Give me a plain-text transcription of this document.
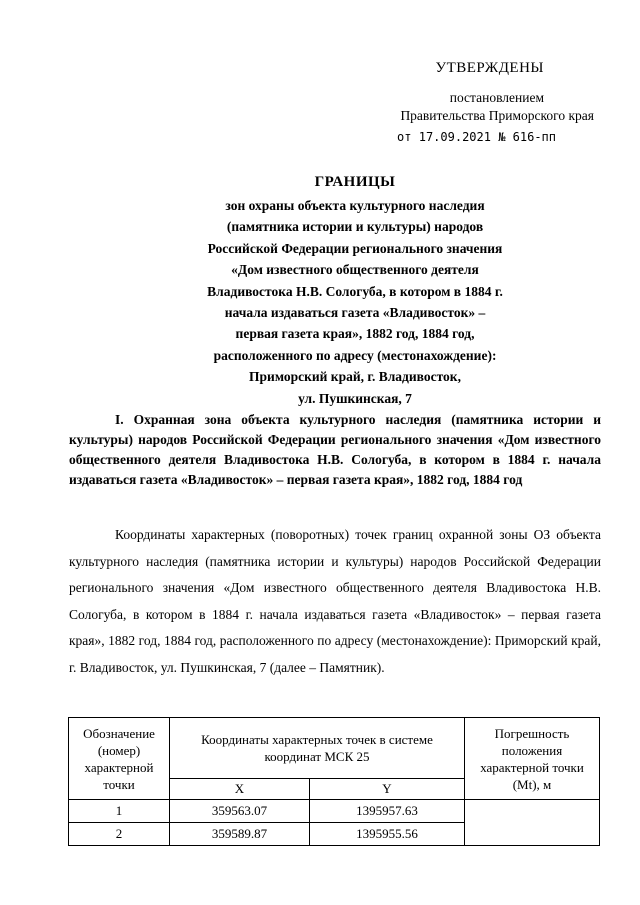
УТВЕРЖДЕНЫ
постановлением
Правительства Приморского края
от 17.09.2021 № 616-пп
ГРАНИЦЫ
зон охраны объекта культурного наследия
(памятника истории и культуры) народов
Российской Федерации регионального значения
«Дом известного общественного деятеля
Владивостока Н.В. Сологуба, в котором в 1884 г.
начала издаваться газета «Владивосток» –
первая газета края», 1882 год, 1884 год,
расположенного по адресу (местонахождение):
Приморский край, г. Владивосток,
ул. Пушкинская, 7
I. Охранная зона объекта культурного наследия (памятника истории и культуры) народов Российской Федерации регионального значения «Дом известного общественного деятеля Владивостока Н.В. Сологуба, в котором в 1884 г. начала издаваться газета «Владивосток» – первая газета края», 1882 год, 1884 год
Координаты характерных (поворотных) точек границ охранной зоны ОЗ объекта культурного наследия (памятника истории и культуры) народов Российской Федерации регионального значения «Дом известного общественного деятеля Владивостока Н.В. Сологуба, в котором в 1884 г. начала издаваться газета «Владивосток» – первая газета края», 1882 год, 1884 год, расположенного по адресу (местонахождение): Приморский край, г. Владивосток, ул. Пушкинская, 7 (далее – Памятник).
Обозначение (номер) характерной точки	Координаты характерных точек в системе координат МСК 25		Погрешность положения характерной точки (Mt), м
	X	Y	
1	359563.07	1395957.63	
2	359589.87	1395955.56	
